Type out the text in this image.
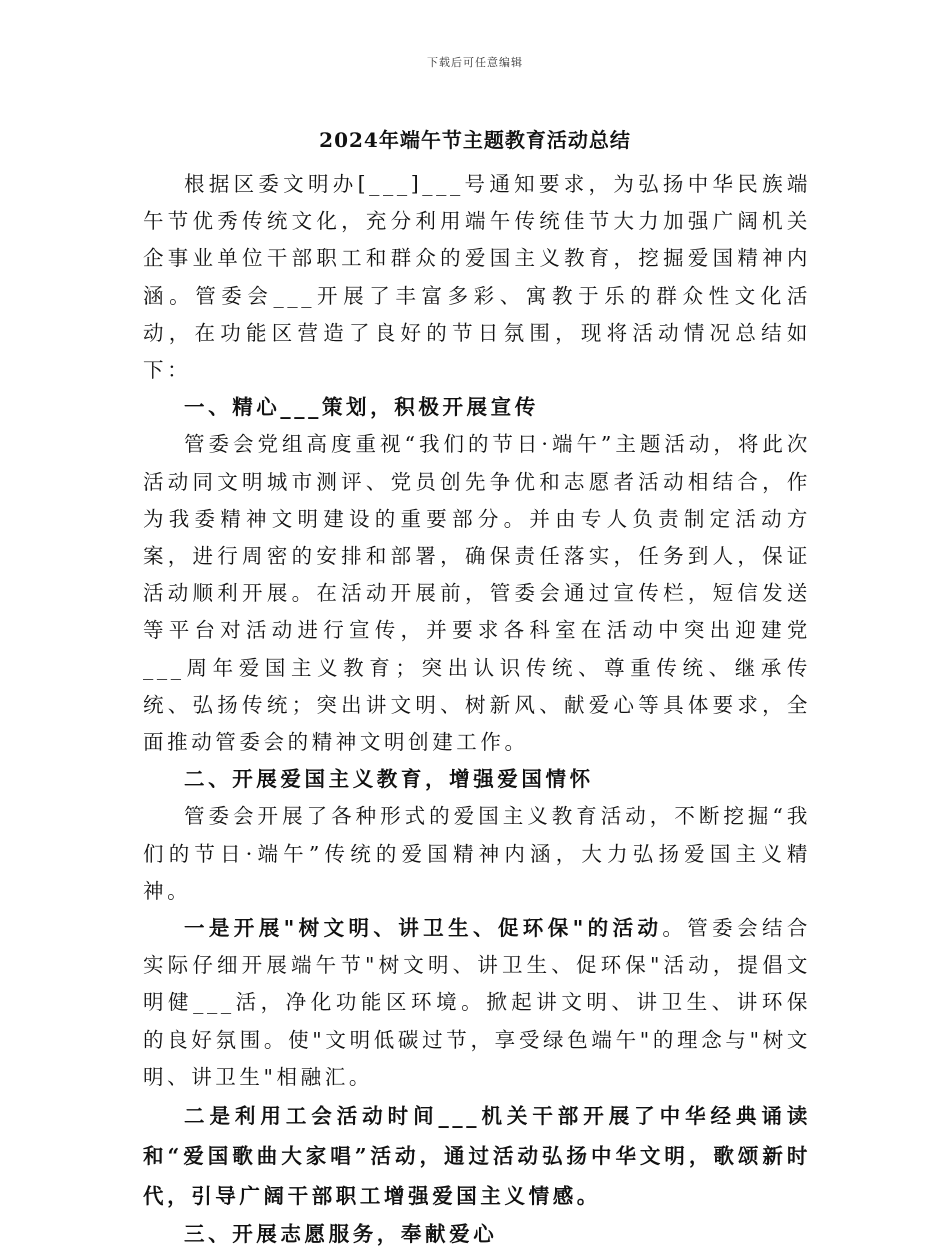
下载后可任意编辑
2024年端午节主题教育活动总结

根据区委文明办[___]___号通知要求，为弘扬中华民族端午节优秀传统文化，充分利用端午传统佳节大力加强广阔机关企事业单位干部职工和群众的爱国主义教育，挖掘爱国精神内涵。管委会___开展了丰富多彩、寓教于乐的群众性文化活动，在功能区营造了良好的节日氛围，现将活动情况总结如下：

一、精心___策划，积极开展宣传

管委会党组高度重视“我们的节日·端午”主题活动，将此次活动同文明城市测评、党员创先争优和志愿者活动相结合，作为我委精神文明建设的重要部分。并由专人负责制定活动方案，进行周密的安排和部署，确保责任落实，任务到人，保证活动顺利开展。在活动开展前，管委会通过宣传栏，短信发送等平台对活动进行宣传，并要求各科室在活动中突出迎建党___周年爱国主义教育；突出认识传统、尊重传统、继承传统、弘扬传统；突出讲文明、树新风、献爱心等具体要求，全面推动管委会的精神文明创建工作。

二、开展爱国主义教育，增强爱国情怀

管委会开展了各种形式的爱国主义教育活动，不断挖掘“我们的节日·端午”传统的爱国精神内涵，大力弘扬爱国主义精神。

一是开展"树文明、讲卫生、促环保"的活动。管委会结合实际仔细开展端午节"树文明、讲卫生、促环保"活动，提倡文明健___活，净化功能区环境。掀起讲文明、讲卫生、讲环保的良好氛围。使"文明低碳过节，享受绿色端午"的理念与"树文明、讲卫生"相融汇。

二是利用工会活动时间___机关干部开展了中华经典诵读和“爱国歌曲大家唱”活动，通过活动弘扬中华文明，歌颂新时代，引导广阔干部职工增强爱国主义情感。

三、开展志愿服务，奉献爱心
